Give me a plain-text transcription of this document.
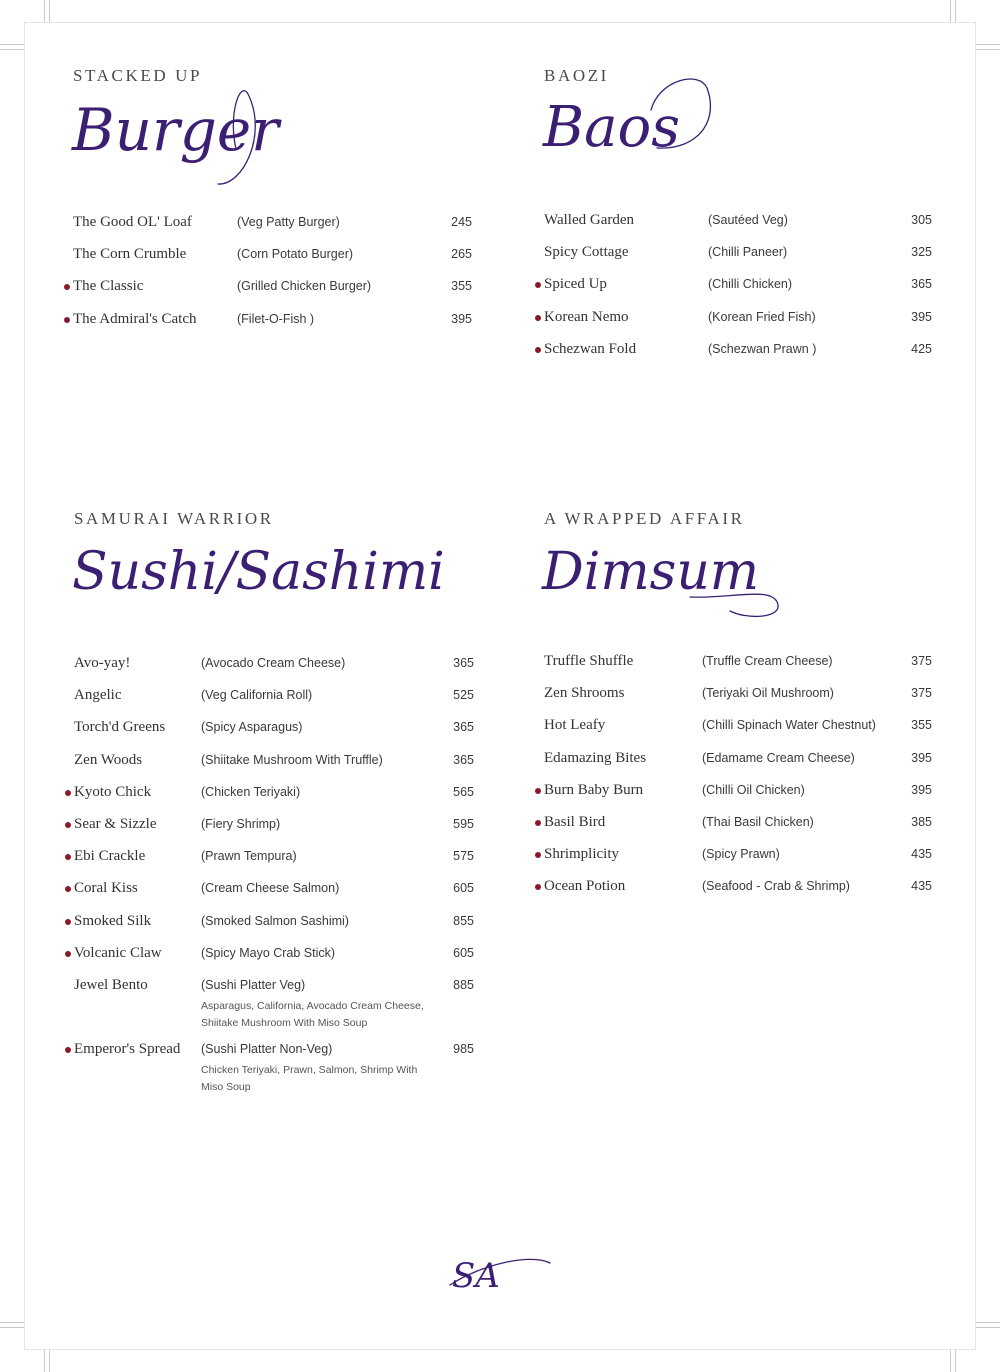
STACKED UP
Burger
The Good OL' Loaf	(Veg Patty Burger)	245
The Corn Crumble	(Corn Potato Burger)	265
The Classic	(Grilled Chicken Burger)	355
The Admiral's Catch	(Filet-O-Fish )	395
BAOZI
Baos
Walled Garden	(Sautéed Veg)	305
Spicy Cottage	(Chilli Paneer)	325
Spiced Up	(Chilli Chicken)	365
Korean Nemo	(Korean Fried Fish)	395
Schezwan Fold	(Schezwan Prawn )	425
SAMURAI WARRIOR
Sushi/Sashimi
Avo-yay!	(Avocado Cream Cheese)	365
Angelic	(Veg California Roll)	525
Torch'd Greens	(Spicy Asparagus)	365
Zen Woods	(Shiitake Mushroom With Truffle)	365
Kyoto Chick	(Chicken Teriyaki)	565
Sear & Sizzle	(Fiery Shrimp)	595
Ebi Crackle	(Prawn Tempura)	575
Coral Kiss	(Cream Cheese Salmon)	605
Smoked Silk	(Smoked Salmon Sashimi)	855
Volcanic Claw	(Spicy Mayo Crab Stick)	605
Jewel Bento	(Sushi Platter Veg)	885
Asparagus, California, Avocado Cream Cheese, Shiitake Mushroom With Miso Soup
Emperor's Spread (Sushi Platter Non-Veg)	985
Chicken Teriyaki, Prawn, Salmon, Shrimp With Miso Soup
A WRAPPED AFFAIR
Dimsum
Truffle Shuffle	(Truffle Cream Cheese)	375
Zen Shrooms	(Teriyaki Oil Mushroom)	375
Hot Leafy	(Chilli Spinach Water Chestnut)	355
Edamazing Bites	(Edamame Cream Cheese)	395
Burn Baby Burn	(Chilli Oil Chicken)	395
Basil Bird	(Thai Basil Chicken)	385
Shrimplicity	(Spicy Prawn)	435
Ocean Potion	(Seafood - Crab & Shrimp)	435
SA
